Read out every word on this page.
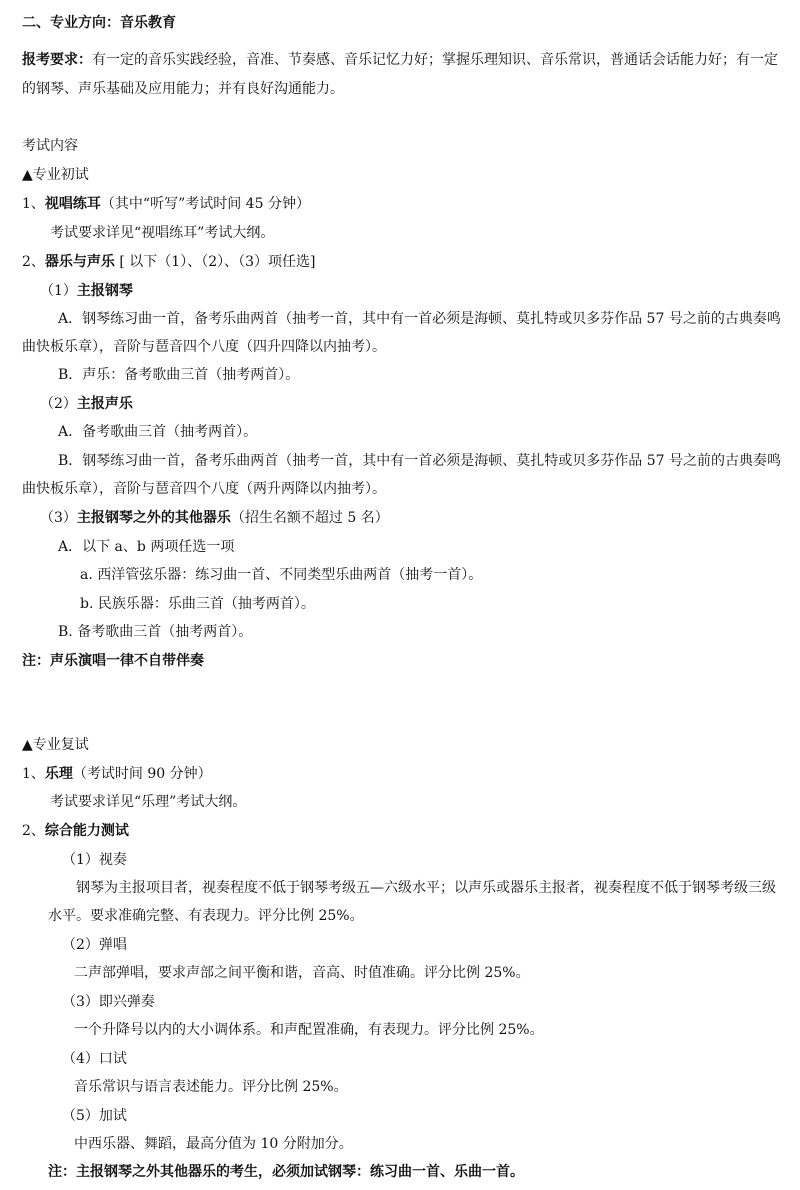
二、专业方向：音乐教育
报考要求：有一定的音乐实践经验，音准、节奏感、音乐记忆力好；掌握乐理知识、音乐常识，普通话会话能力好；有一定
的钢琴、声乐基础及应用能力；并有良好沟通能力。
考试内容
▲专业初试
1、视唱练耳（其中“听写”考试时间 45 分钟）
考试要求详见“视唱练耳”考试大纲。
2、器乐与声乐 [ 以下（1）、（2）、（3）项任选]
（1）主报钢琴
A．钢琴练习曲一首，备考乐曲两首（抽考一首，其中有一首必须是海顿、莫扎特或贝多芬作品 57 号之前的古典奏鸣
曲快板乐章），音阶与琶音四个八度（四升四降以内抽考）。
B．声乐：备考歌曲三首（抽考两首）。
（2）主报声乐
A．备考歌曲三首（抽考两首）。
B．钢琴练习曲一首，备考乐曲两首（抽考一首，其中有一首必须是海顿、莫扎特或贝多芬作品 57 号之前的古典奏鸣
曲快板乐章），音阶与琶音四个八度（两升两降以内抽考）。
（3）主报钢琴之外的其他器乐（招生名额不超过 5 名）
A．以下 a、b 两项任选一项
a. 西洋管弦乐器：练习曲一首、不同类型乐曲两首（抽考一首）。
b. 民族乐器：乐曲三首（抽考两首）。
B. 备考歌曲三首（抽考两首）。
注：声乐演唱一律不自带伴奏
▲专业复试
1、乐理（考试时间 90 分钟）
考试要求详见“乐理”考试大纲。
2、综合能力测试
（1）视奏
钢琴为主报项目者，视奏程度不低于钢琴考级五—六级水平；以声乐或器乐主报者，视奏程度不低于钢琴考级三级
水平。要求准确完整、有表现力。评分比例 25%。
（2）弹唱
二声部弹唱，要求声部之间平衡和谐，音高、时值准确。评分比例 25%。
（3）即兴弹奏
一个升降号以内的大小调体系。和声配置准确，有表现力。评分比例 25%。
（4）口试
音乐常识与语言表述能力。评分比例 25%。
（5）加试
中西乐器、舞蹈，最高分值为 10 分附加分。
注：主报钢琴之外其他器乐的考生，必须加试钢琴：练习曲一首、乐曲一首。
